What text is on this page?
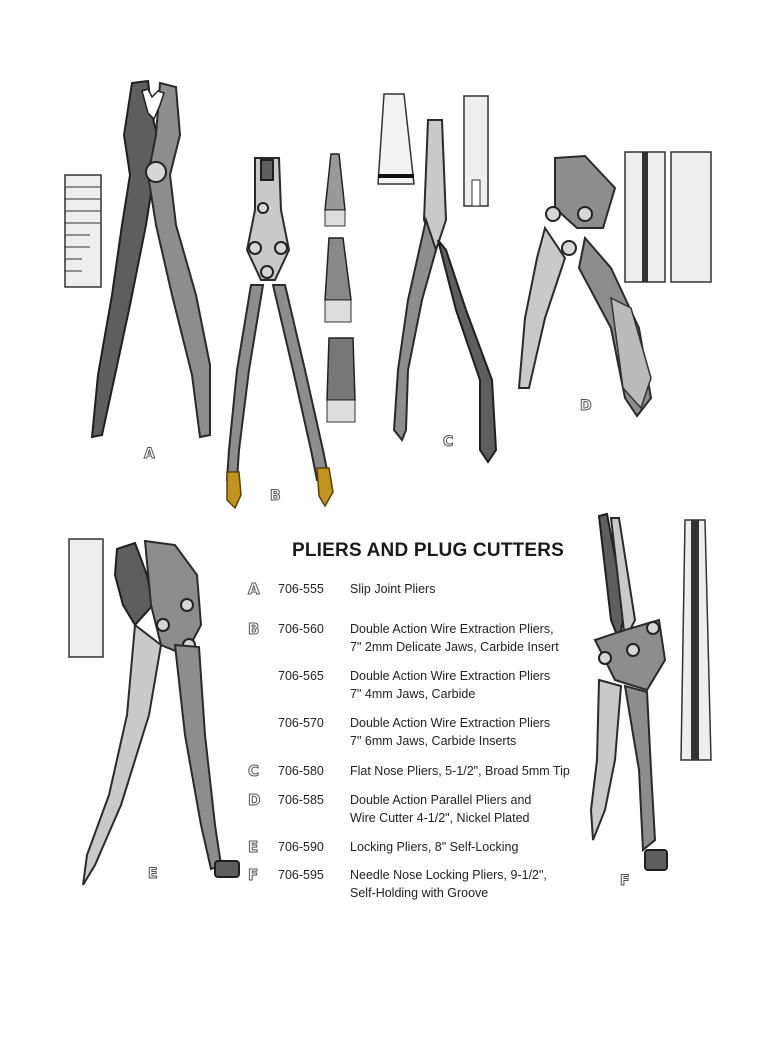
A
B
C
D
E	F
PLIERS AND PLUG CUTTERS
A	706-555	Slip Joint Pliers
B	706-560	Double Action Wire Extraction Pliers,
7" 2mm Delicate Jaws, Carbide Insert
706-565	Double Action Wire Extraction Pliers
7" 4mm Jaws, Carbide
706-570	Double Action Wire Extraction Pliers
7" 6mm Jaws, Carbide Inserts
C	706-580	Flat Nose Pliers, 5-1/2", Broad 5mm Tip
D	706-585	Double Action Parallel Pliers and
Wire Cutter 4-1/2", Nickel Plated
E	706-590	Locking Pliers, 8" Self-Locking
F	706-595	Needle Nose Locking Pliers, 9-1/2",
Self-Holding with Groove
